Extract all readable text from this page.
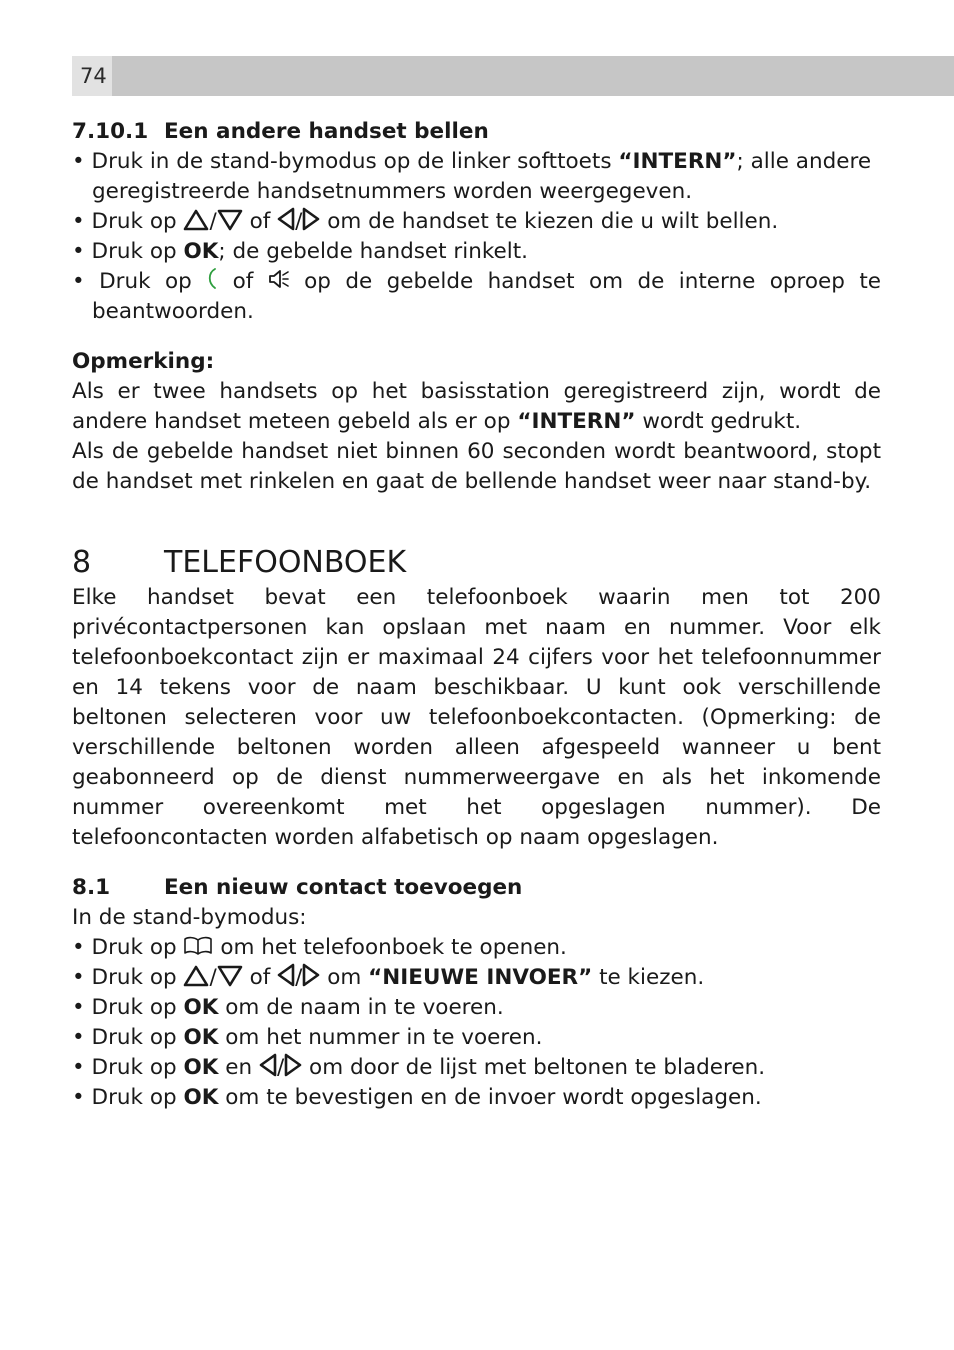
74

7.10.1 Een andere handset bellen

• Druk in de stand-bymodus op de linker softtoets “INTERN”; alle andere geregistreerde handsetnummers worden weergegeven.

• Druk op / of / om de handset te kiezen die u wilt bellen.

• Druk op OK; de gebelde handset rinkelt.

• Druk op  of  op de gebelde handset om de interne oproep te beantwoorden.

Opmerking:

Als er twee handsets op het basisstation geregistreerd zijn, wordt de andere handset meteen gebeld als er op “INTERN” wordt gedrukt.

Als de gebelde handset niet binnen 60 seconden wordt beantwoord, stopt de handset met rinkelen en gaat de bellende handset weer naar stand-by.

8 TELEFOONBOEK

Elke handset bevat een telefoonboek waarin men tot 200 privécontactpersonen kan opslaan met naam en nummer. Voor elk telefoonboekcontact zijn er maximaal 24 cijfers voor het telefoonnummer en 14 tekens voor de naam beschikbaar. U kunt ook verschillende beltonen selecteren voor uw telefoonboekcontacten. (Opmerking: de verschillende beltonen worden alleen afgespeeld wanneer u bent geabonneerd op de dienst nummerweergave en als het inkomende nummer overeenkomt met het opgeslagen nummer). De telefooncontacten worden alfabetisch op naam opgeslagen.

8.1	Een nieuw contact toevoegen

In de stand-bymodus:

• Druk op  om het telefoonboek te openen.

• Druk op / of / om “NIEUWE INVOER” te kiezen.

• Druk op OK om de naam in te voeren.

• Druk op OK om het nummer in te voeren.

• Druk op OK en / om door de lijst met beltonen te bladeren.

• Druk op OK om te bevestigen en de invoer wordt opgeslagen.
